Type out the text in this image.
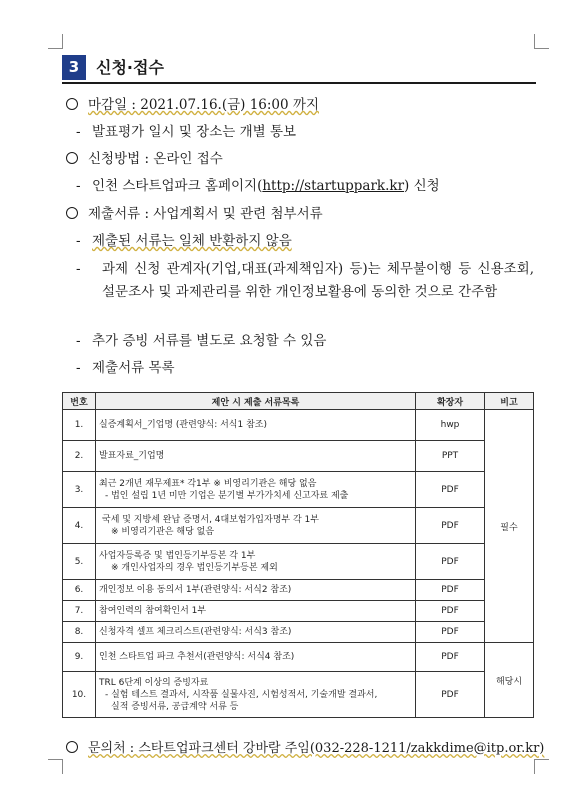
3	신청·접수
마감일 : 2021.07.16.(금) 16:00 까지
- 발표평가 일시 및 장소는 개별 통보
신청방법 : 온라인 접수
- 인천 스타트업파크 홈페이지(http://startuppark.kr) 신청
제출서류 : 사업계획서 및 관련 첨부서류
- 제출된 서류는 일체 반환하지 않음
-	과제 신청 관계자(기업,대표(과제책임자) 등)는 체무불이행 등 신용조회, 설문조사 및 과제관리를 위한 개인정보활용에 동의한 것으로 간주함
- 추가 증빙 서류를 별도로 요청할 수 있음
- 제출서류 목록
번호	제안 시 제출 서류목록	확장자	비고
1.	실증계획서_기업명 (관련양식: 서식1 참조)	hwp	필수
2.	발표자료_기업명	PPT	
3.	최근 2개년 재무제표* 각1부 ※ 비영리기관은 해당 없음
- 법인 설립 1년 미만 기업은 분기별 부가가치세 신고자료 제출	PDF	
4.	국세 및 지방세 완납 증명서, 4대보험가입자명부 각 1부
※ 비영리기관은 해당 없음	PDF	
5.	사업자등록증 및 법인등기부등본 각 1부
※ 개인사업자의 경우 법인등기부등본 제외	PDF	
6.	개인정보 이용 동의서 1부(관련양식: 서식2 참조)	PDF	
7.	참여인력의 참여확인서 1부	PDF	
8.	신청자격 셀프 체크리스트(관련양식: 서식3 참조)	PDF	
9.	인천 스타트업 파크 추천서(관련양식: 서식4 참조)	PDF	해당시
10.	TRL 6단계 이상의 증빙자료
- 실험 테스트 결과서, 시작품 실물사진, 시험성적서, 기술개발 결과서,
실적 증빙서류, 공급계약 서류 등	PDF	
문의처 : 스타트업파크센터 강바람 주임(032-228-1211/zakkdime@itp.or.kr)
